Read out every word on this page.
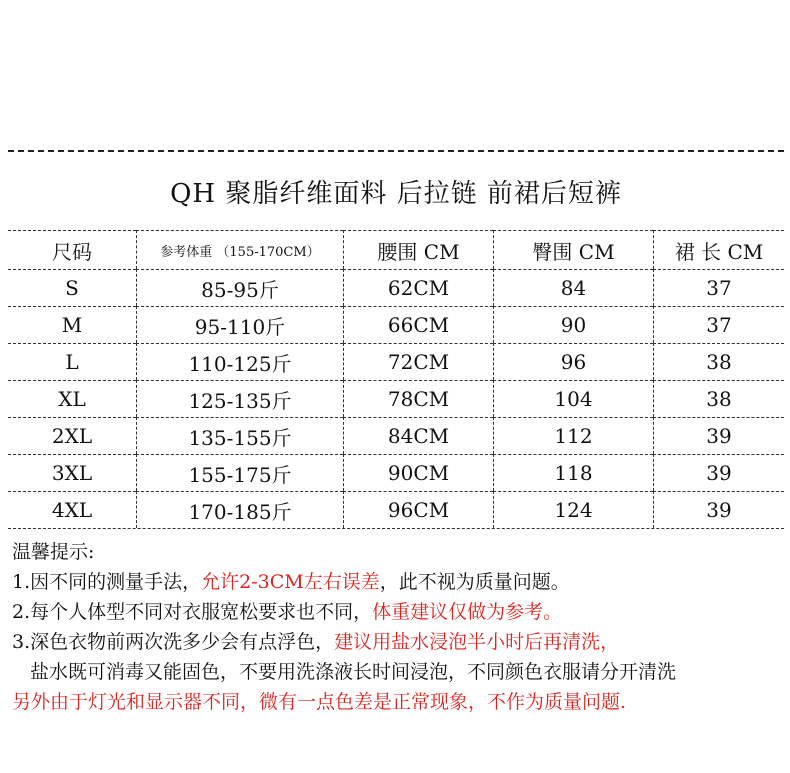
QH 聚脂纤维面料 后拉链 前裙后短裤
尺码	参考体重 （155-170CM）	腰围 CM	臀围 CM	裙 长 CM
S	85-95斤	62CM	84	37
M	95-110斤	66CM	90	37
L	110-125斤	72CM	96	38
XL	125-135斤	78CM	104	38
2XL	135-155斤	84CM	112	39
3XL	155-175斤	90CM	118	39
4XL	170-185斤	96CM	124	39
温馨提示:
1.因不同的测量手法，允许2-3CM左右误差，此不视为质量问题。
2.每个人体型不同对衣服宽松要求也不同，体重建议仅做为参考。
3.深色衣物前两次洗多少会有点浮色，建议用盐水浸泡半小时后再清洗，
盐水既可消毒又能固色，不要用洗涤液长时间浸泡，不同颜色衣服请分开清洗
另外由于灯光和显示器不同，微有一点色差是正常现象，不作为质量问题.
